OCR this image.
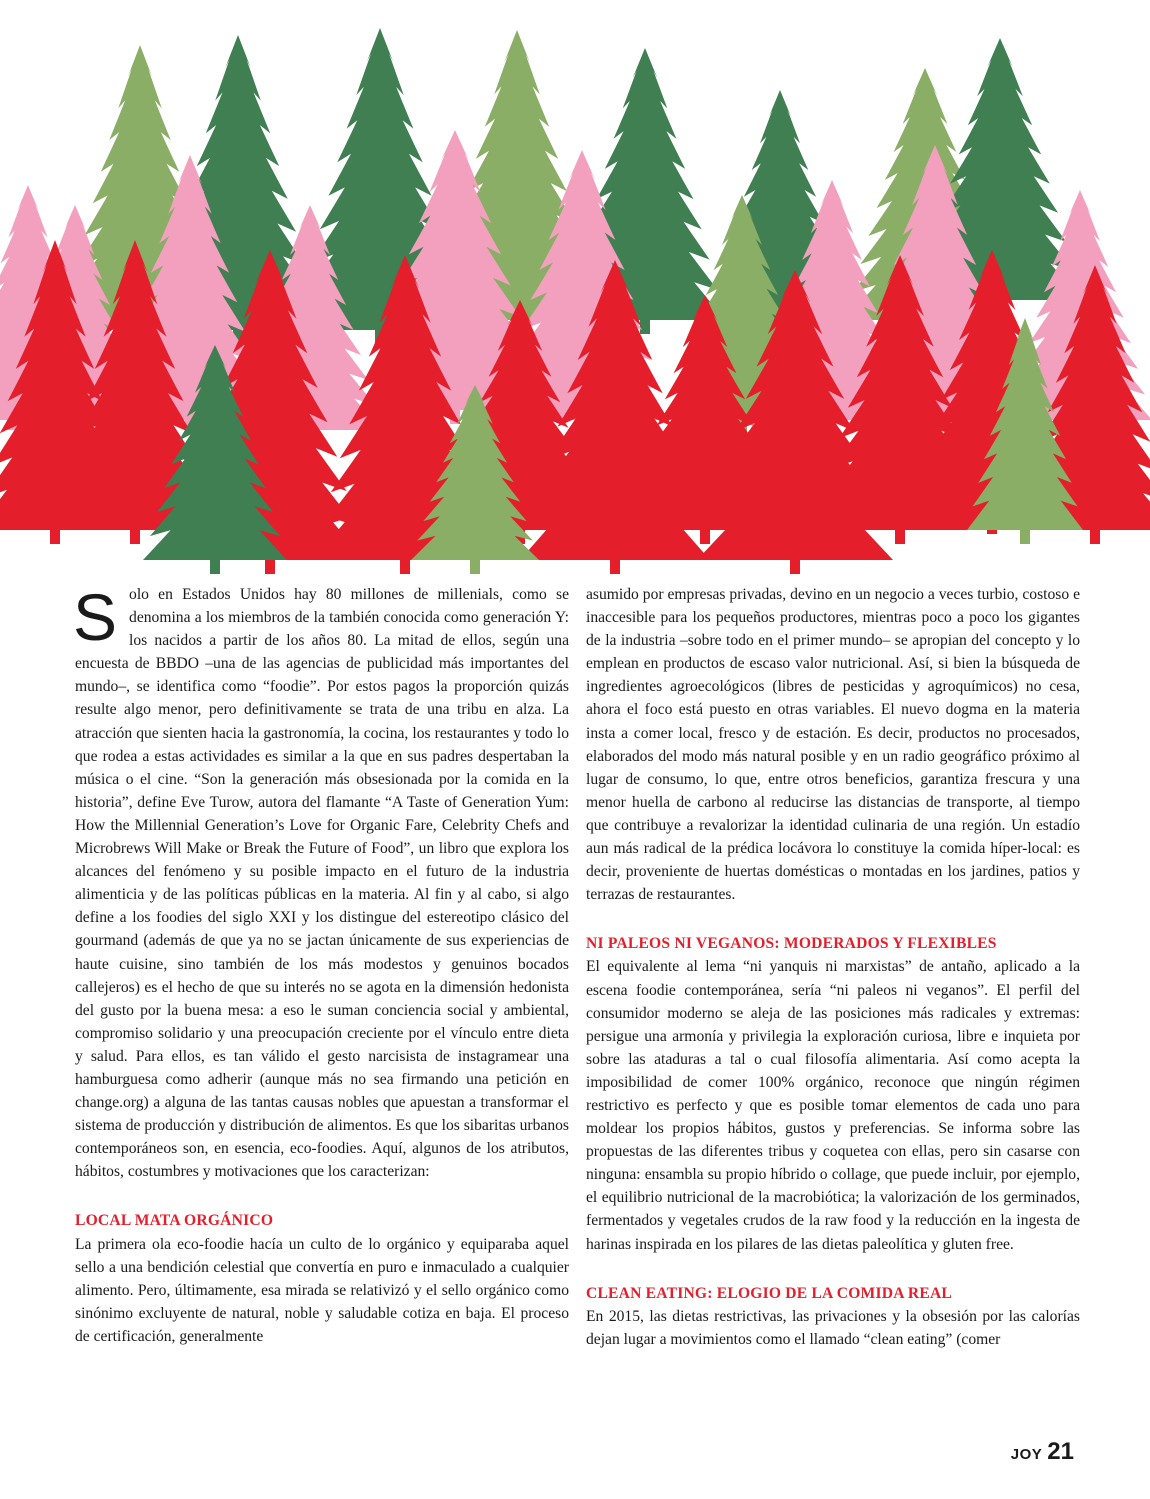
Solo en Estados Unidos hay 80 millones de millenials, como se denomina a los miembros de la también conocida como generación Y: los nacidos a partir de los años 80. La mitad de ellos, según una encuesta de BBDO –una de las agencias de publicidad más importantes del mundo–, se identifica como “foodie”. Por estos pagos la proporción quizás resulte algo menor, pero definitivamente se trata de una tribu en alza. La atracción que sienten hacia la gastronomía, la cocina, los restaurantes y todo lo que rodea a estas actividades es similar a la que en sus padres despertaban la música o el cine. “Son la generación más obsesionada por la comida en la historia”, define Eve Turow, autora del flamante “A Taste of Generation Yum: How the Millennial Generation’s Love for Organic Fare, Celebrity Chefs and Microbrews Will Make or Break the Future of Food”, un libro que explora los alcances del fenómeno y su posible impacto en el futuro de la industria alimenticia y de las políticas públicas en la materia. Al fin y al cabo, si algo define a los foodies del siglo XXI y los distingue del estereotipo clásico del gourmand (además de que ya no se jactan únicamente de sus experiencias de haute cuisine, sino también de los más modestos y genuinos bocados callejeros) es el hecho de que su interés no se agota en la dimensión hedonista del gusto por la buena mesa: a eso le suman conciencia social y ambiental, compromiso solidario y una preocupación creciente por el vínculo entre dieta y salud. Para ellos, es tan válido el gesto narcisista de instagramear una hamburguesa como adherir (aunque más no sea firmando una petición en change.org) a alguna de las tantas causas nobles que apuestan a transformar el sistema de producción y distribución de alimentos. Es que los sibaritas urbanos contemporáneos son, en esencia, eco-foodies. Aquí, algunos de los atributos, hábitos, costumbres y motivaciones que los caracterizan:

LOCAL MATA ORGÁNICO

La primera ola eco-foodie hacía un culto de lo orgánico y equiparaba aquel sello a una bendición celestial que convertía en puro e inmaculado a cualquier alimento. Pero, últimamente, esa mirada se relativizó y el sello orgánico como sinónimo excluyente de natural, noble y saludable cotiza en baja. El proceso de certificación, generalmente

asumido por empresas privadas, devino en un negocio a veces turbio, costoso e inaccesible para los pequeños productores, mientras poco a poco los gigantes de la industria –sobre todo en el primer mundo– se apropian del concepto y lo emplean en productos de escaso valor nutricional. Así, si bien la búsqueda de ingredientes agroecológicos (libres de pesticidas y agroquímicos) no cesa, ahora el foco está puesto en otras variables. El nuevo dogma en la materia insta a comer local, fresco y de estación. Es decir, productos no procesados, elaborados del modo más natural posible y en un radio geográfico próximo al lugar de consumo, lo que, entre otros beneficios, garantiza frescura y una menor huella de carbono al reducirse las distancias de transporte, al tiempo que contribuye a revalorizar la identidad culinaria de una región. Un estadío aun más radical de la prédica locávora lo constituye la comida híper-local: es decir, proveniente de huertas domésticas o montadas en los jardines, patios y terrazas de restaurantes.

NI PALEOS NI VEGANOS: MODERADOS Y FLEXIBLES

El equivalente al lema “ni yanquis ni marxistas” de antaño, aplicado a la escena foodie contemporánea, sería “ni paleos ni veganos”. El perfil del consumidor moderno se aleja de las posiciones más radicales y extremas: persigue una armonía y privilegia la exploración curiosa, libre e inquieta por sobre las ataduras a tal o cual filosofía alimentaria. Así como acepta la imposibilidad de comer 100% orgánico, reconoce que ningún régimen restrictivo es perfecto y que es posible tomar elementos de cada uno para moldear los propios hábitos, gustos y preferencias. Se informa sobre las propuestas de las diferentes tribus y coquetea con ellas, pero sin casarse con ninguna: ensambla su propio híbrido o collage, que puede incluir, por ejemplo, el equilibrio nutricional de la macrobiótica; la valorización de los germinados, fermentados y vegetales crudos de la raw food y la reducción en la ingesta de harinas inspirada en los pilares de las dietas paleolítica y gluten free.

CLEAN EATING: ELOGIO DE LA COMIDA REAL

En 2015, las dietas restrictivas, las privaciones y la obsesión por las calorías dejan lugar a movimientos como el llamado “clean eating” (comer

JOY 21
